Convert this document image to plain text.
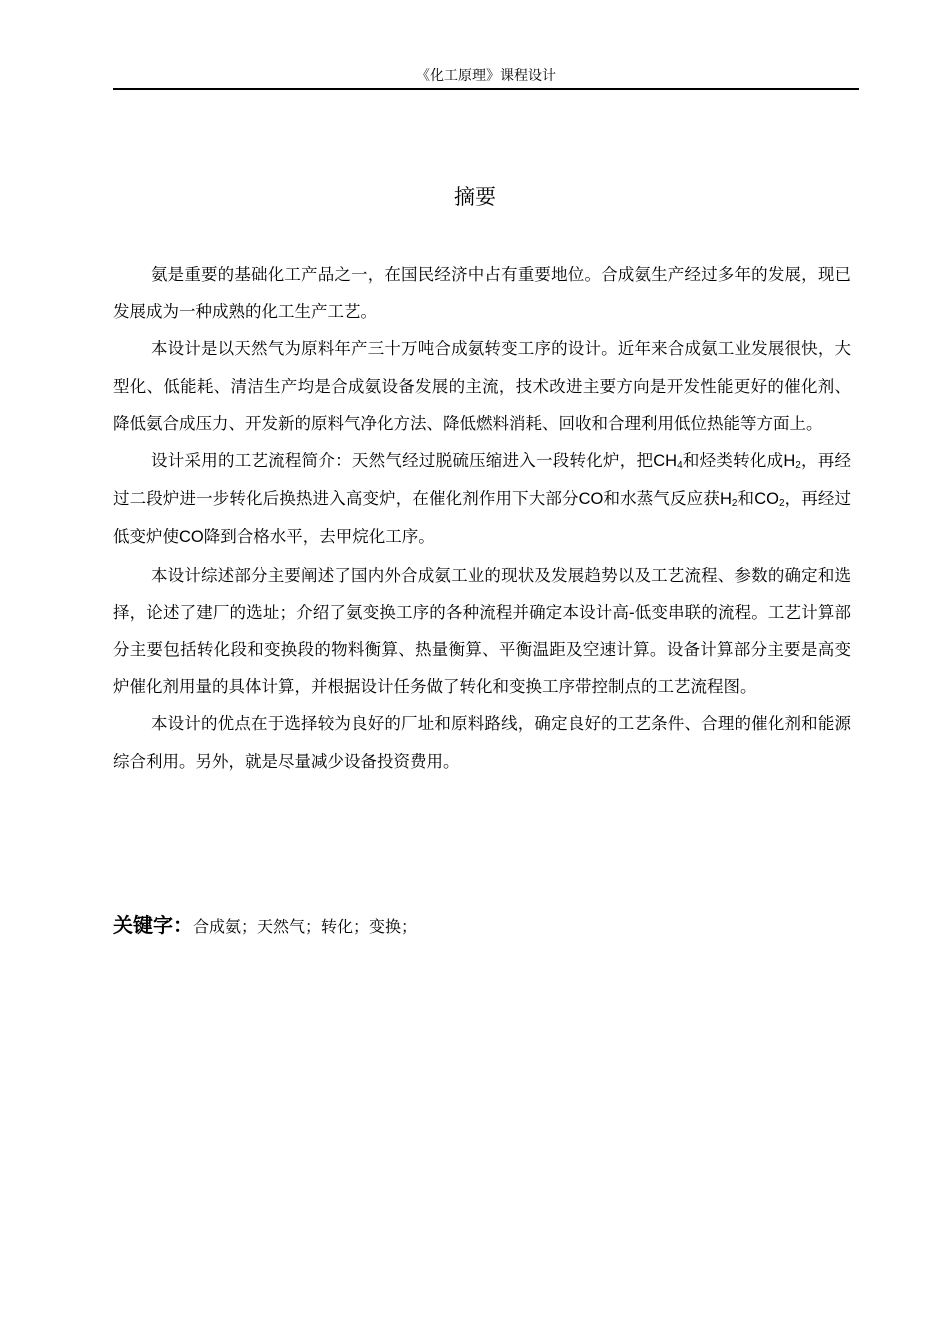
《化工原理》课程设计
摘要

氨是重要的基础化工产品之一，在国民经济中占有重要地位。合成氨生产经过多年的发展，现已发展成为一种成熟的化工生产工艺。

本设计是以天然气为原料年产三十万吨合成氨转变工序的设计。近年来合成氨工业发展很快，大型化、低能耗、清洁生产均是合成氨设备发展的主流，技术改进主要方向是开发性能更好的催化剂、降低氨合成压力、开发新的原料气净化方法、降低燃料消耗、回收和合理利用低位热能等方面上。

设计采用的工艺流程简介：天然气经过脱硫压缩进入一段转化炉，把$CH_4$和烃类转化成$H_2$，再经过二段炉进一步转化后换热进入高变炉，在催化剂作用下大部分CO和水蒸气反应获$H_2$和$CO_2$，再经过低变炉使CO降到合格水平，去甲烷化工序。

本设计综述部分主要阐述了国内外合成氨工业的现状及发展趋势以及工艺流程、参数的确定和选择，论述了建厂的选址；介绍了氨变换工序的各种流程并确定本设计高-低变串联的流程。工艺计算部分主要包括转化段和变换段的物料衡算、热量衡算、平衡温距及空速计算。设备计算部分主要是高变炉催化剂用量的具体计算，并根据设计任务做了转化和变换工序带控制点的工艺流程图。

本设计的优点在于选择较为良好的厂址和原料路线，确定良好的工艺条件、合理的催化剂和能源综合利用。另外，就是尽量减少设备投资费用。

关键字：合成氨；天然气；转化；变换；
